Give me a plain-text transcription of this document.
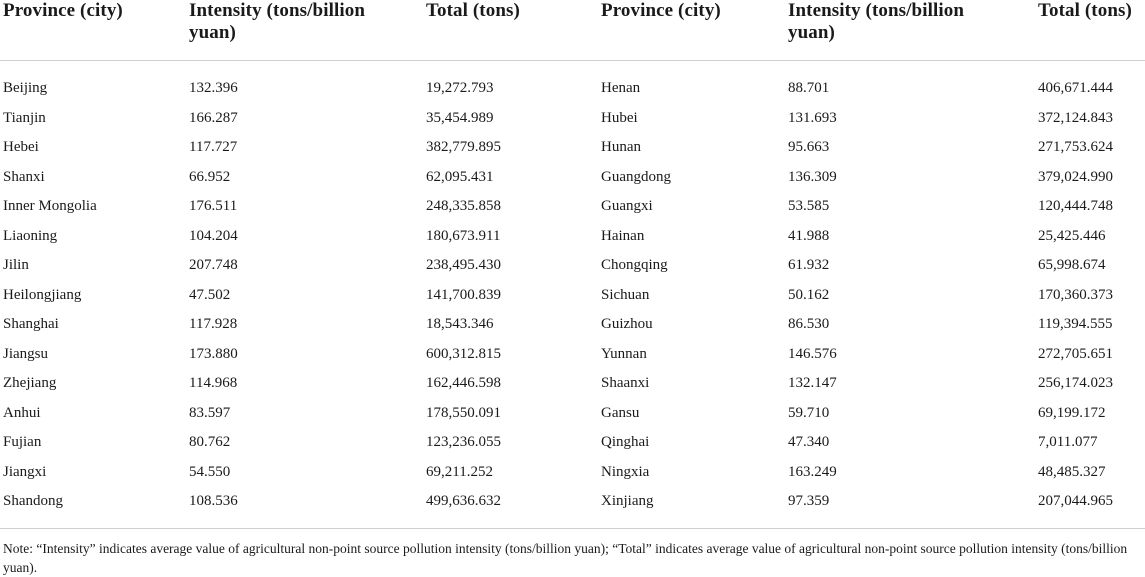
Province (city)	Intensity (tons/billion
yuan)
Total (tons)	Province (city)	Intensity (tons/billion
yuan)
Total (tons)
Beijing	132.396	19,272.793	Henan	88.701	406,671.444
Tianjin	166.287	35,454.989	Hubei	131.693	372,124.843
Hebei	117.727	382,779.895	Hunan	95.663	271,753.624
Shanxi	66.952	62,095.431	Guangdong	136.309	379,024.990
Inner Mongolia	176.511	248,335.858	Guangxi	53.585	120,444.748
Liaoning	104.204	180,673.911	Hainan	41.988	25,425.446
Jilin	207.748	238,495.430	Chongqing	61.932	65,998.674
Heilongjiang	47.502	141,700.839	Sichuan	50.162	170,360.373
Shanghai	117.928	18,543.346	Guizhou	86.530	119,394.555
Jiangsu	173.880	600,312.815	Yunnan	146.576	272,705.651
Zhejiang	114.968	162,446.598	Shaanxi	132.147	256,174.023
Anhui	83.597	178,550.091	Gansu	59.710	69,199.172
Fujian	80.762	123,236.055	Qinghai	47.340	7,011.077
Jiangxi	54.550	69,211.252	Ningxia	163.249	48,485.327
Shandong	108.536	499,636.632	Xinjiang	97.359	207,044.965
Note: “Intensity” indicates average value of agricultural non-point source pollution intensity (tons/billion yuan); “Total” indicates average value of agricultural non-point source pollution intensity (tons/billion yuan).
